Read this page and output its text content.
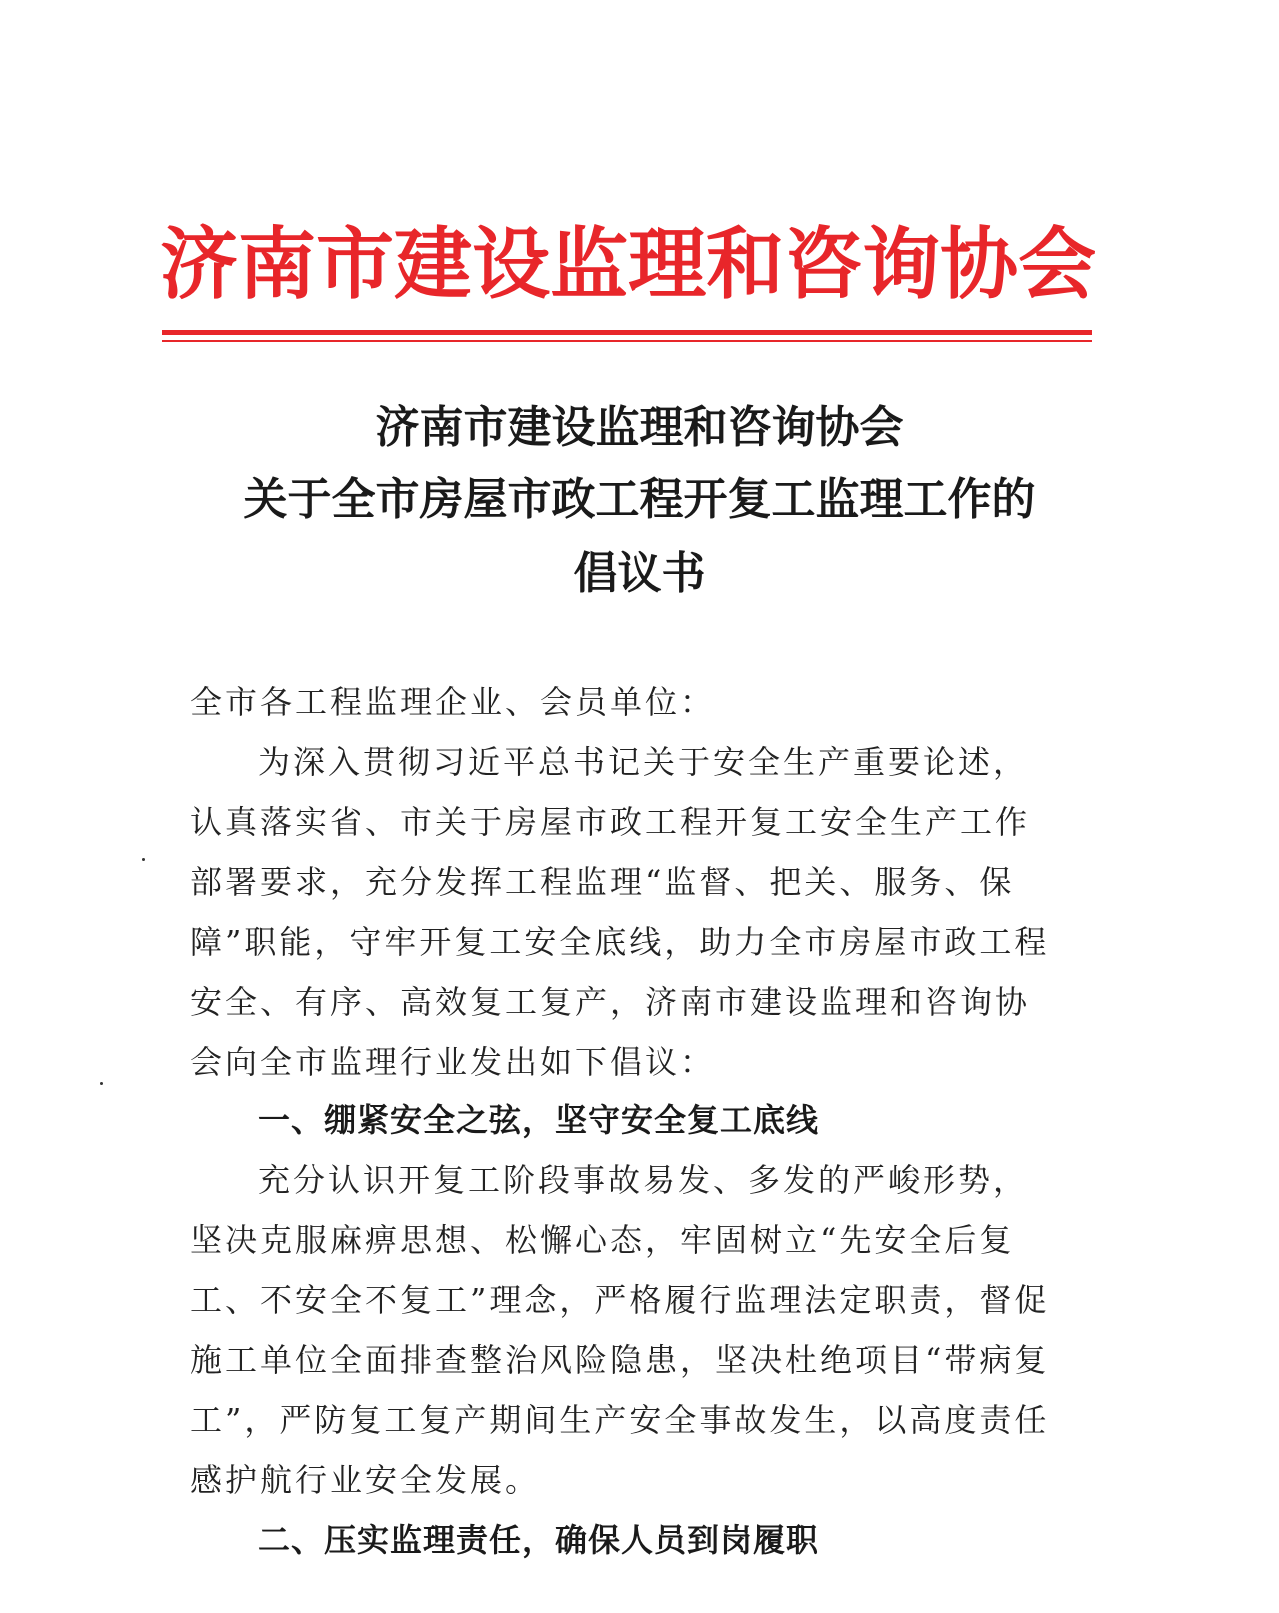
济 南 市 建 设 监 理 和 咨 询 协 会
济南市建设监理和咨询协会
关于全市房屋市政工程开复工监理工作的
倡议书
全市各工程监理企业、会员单位：
为深入贯彻习近平总书记关于安全生产重要论述，认真落实省、市关于房屋市政工程开复工安全生产工作部署要求，充分发挥工程监理“监督、把关、服务、保障”职能，守牢开复工安全底线，助力全市房屋市政工程安全、有序、高效复工复产，济南市建设监理和咨询协会向全市监理行业发出如下倡议：
一、绷紧安全之弦，坚守安全复工底线
充分认识开复工阶段事故易发、多发的严峻形势，坚决克服麻痹思想、松懈心态，牢固树立“先安全后复工、不安全不复工”理念，严格履行监理法定职责，督促施工单位全面排查整治风险隐患，坚决杜绝项目“带病复工”，严防复工复产期间生产安全事故发生，以高度责任感护航行业安全发展。
二、压实监理责任，确保人员到岗履职
